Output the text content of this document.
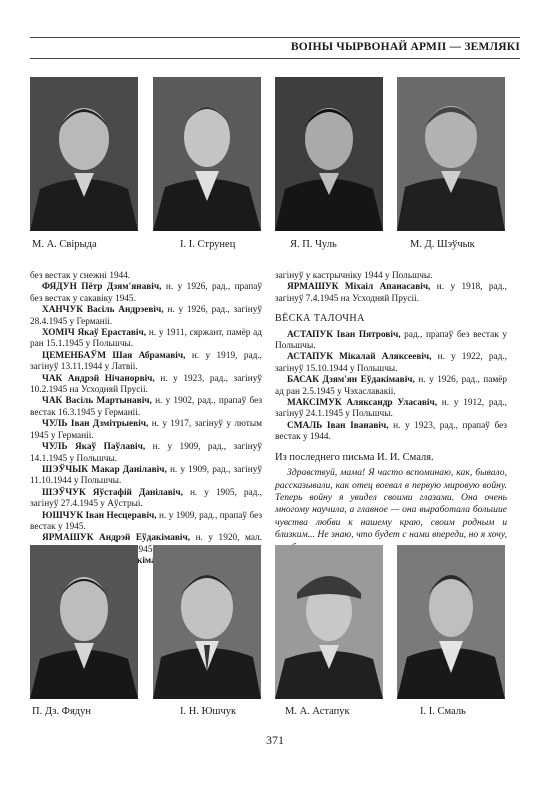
ВОІНЫ ЧЫРВОНАЙ АРМІІ — ЗЕМЛЯКІ
М. А. Свірыда	І. І. Струнец	Я. П. Чуль	М. Д. Шэўчык

без вестак у снежні 1944.

ФЯДУН Пётр Дзям'янавіч, н. у 1926, рад., прапаў без вестак у сакавіку 1945.

ХАНЧУК Васіль Андрэевіч, н. у 1926, рад., загінуў 28.4.1945 у Германіі.

ХОМІЧ Якаў Ераставіч, н. у 1911, сяржант, памёр ад ран 15.1.1945 у Польшчы.

ЦЕМЕНБАЎМ Шая Абрамавіч, н. у 1919, рад., загінуў 13.11.1944 у Латвіі.

ЧАК Андрэй Нічанорвіч, н. у 1923, рад., загінуў 10.2.1945 на Усходняй Прусіі.

ЧАК Васіль Мартынавіч, н. у 1902, рад., прапаў без вестак 16.3.1945 у Германіі.

ЧУЛЬ Іван Дзмітрыевіч, н. у 1917, загінуў у лютым 1945 у Германіі.

ЧУЛЬ Якаў Паўлавіч, н. у 1909, рад., загінуў 14.1.1945 у Польшчы.

ШЭЎЧЫК Макар Данілавіч, н. у 1909, рад., загінуў 11.10.1944 у Польшчы.

ШЭЎЧУК Яўстафій Данілавіч, н. у 1905, рад., загінуў 27.4.1945 у Аўстрыі.

ЮШЧУК Іван Несцеравіч, н. у 1909, рад., прапаў без вестак у 1945.

ЯРМАШУК Андрэй Еўдакімавіч, н. у 1920, мал.

Еўдакімавіч,

загінуў у кастрычніку 1944 у Польшчы.

ЯРМАШУК Міхаіл Апанасавіч, н. у 1918, рад., загінуў 7.4.1945 на Усходняй Прусіі.

ВЁСКА ТАЛОЧНА

АСТАПУК Іван Пятровіч, рад., прапаў без вестак у Польшчы.

АСТАПУК Мікалай Аляксеевіч, н. у 1922, рад., загінуў 15.10.1944 у Польшчы.

БАСАК Дзям'ян Еўдакімавіч, н. у 1926, рад., памёр ад ран 2.5.1945 у Чэхаславакіі.

МАКСІМУК Аляксандр Уласавіч, н. у 1912, рад., загінуў 24.1.1945 у Польшчы.

СМАЛЬ Іван Іванавіч, н. у 1923, рад., прапаў без вестак у 1944.

Из последнего письма И. И. Смаля.

Здравствуй, мама! Я часто вспоминаю, как, бывало, рассказывали, как отец воевал в первую мировую войну. Теперь войну я увидел своими глазами. Она очень многому научила, а главное — она выработала большие чувства любви к нашему краю, своим родным и близким... Не знаю, что будет с нами впереди, но я хочу,

П. Дз. Фядун	І. Н. Юшчук	М. А. Астапук	І. І. Смаль
371
